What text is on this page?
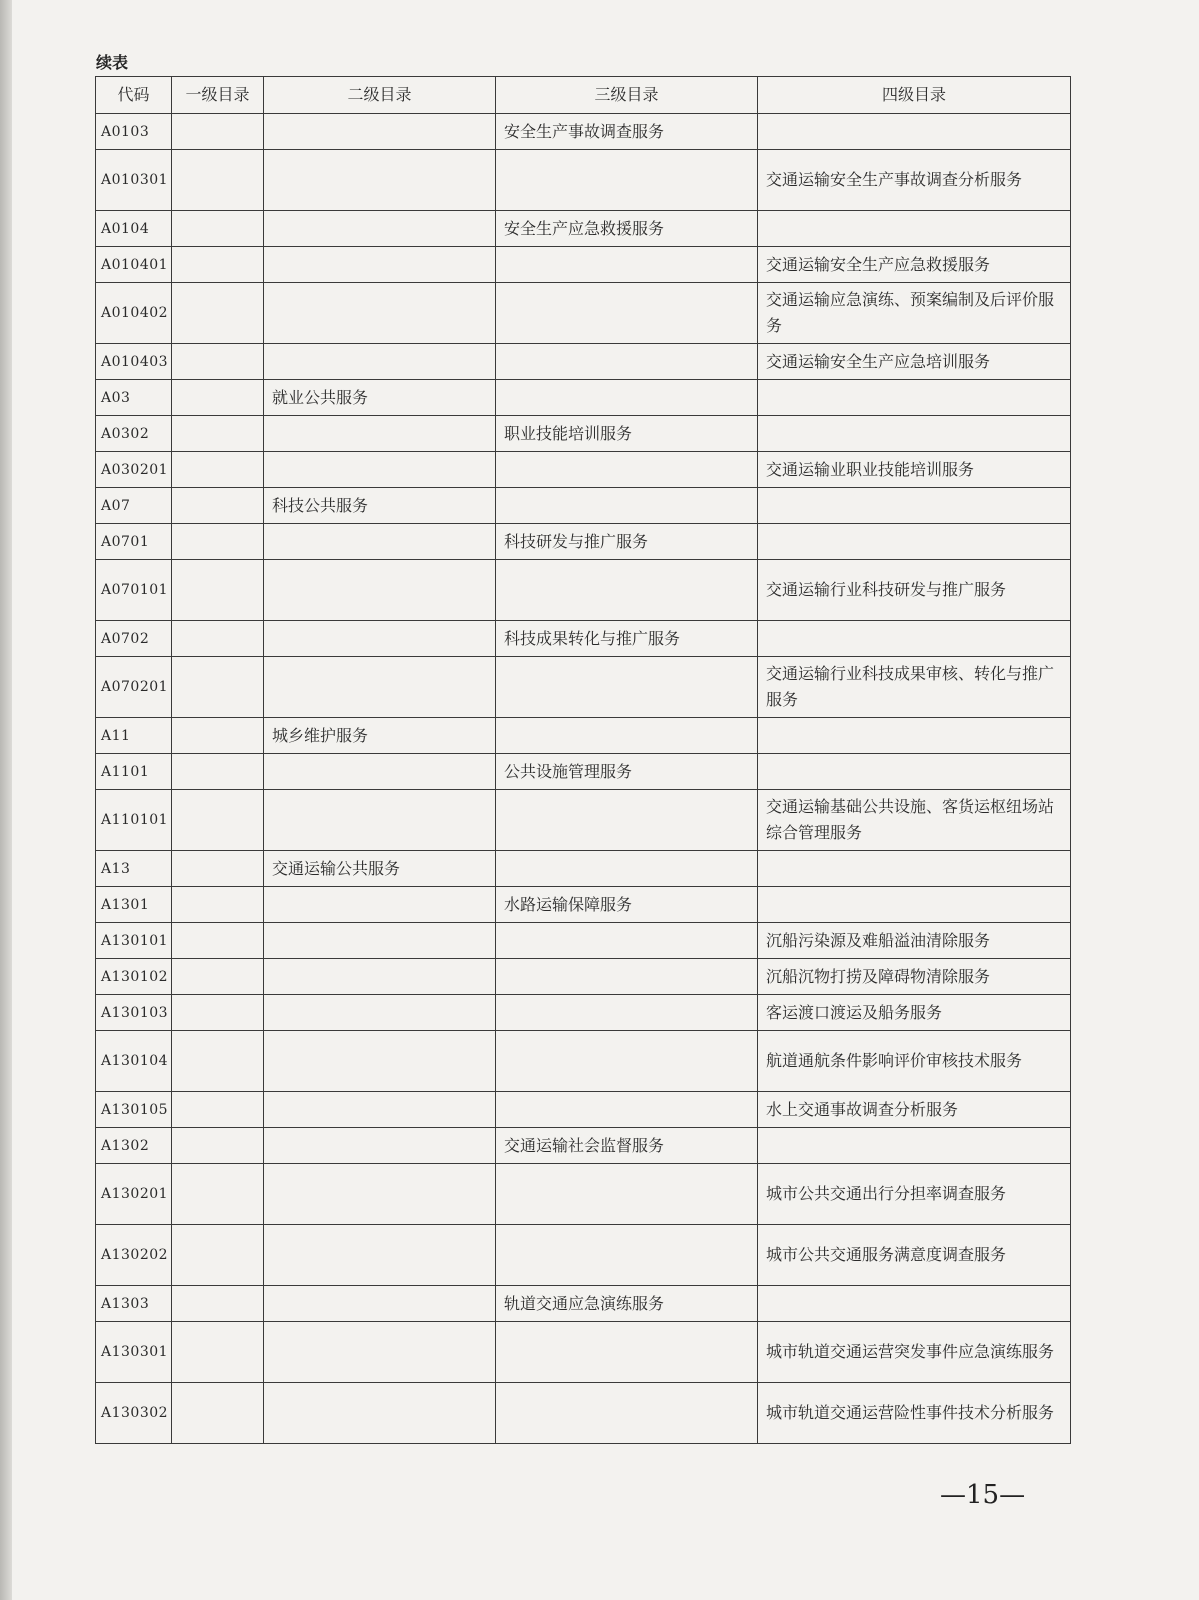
续表
代码	一级目录	二级目录	三级目录	四级目录
A0103			安全生产事故调查服务	
A010301				交通运输安全生产事故调查分析服务
A0104			安全生产应急救援服务	
A010401				交通运输安全生产应急救援服务
A010402				交通运输应急演练、预案编制及后评价服务
A010403				交通运输安全生产应急培训服务
A03		就业公共服务		
A0302			职业技能培训服务	
A030201				交通运输业职业技能培训服务
A07		科技公共服务		
A0701			科技研发与推广服务	
A070101				交通运输行业科技研发与推广服务
A0702			科技成果转化与推广服务	
A070201				交通运输行业科技成果审核、转化与推广服务
A11		城乡维护服务		
A1101			公共设施管理服务	
A110101				交通运输基础公共设施、客货运枢纽场站综合管理服务
A13		交通运输公共服务		
A1301			水路运输保障服务	
A130101				沉船污染源及难船溢油清除服务
A130102				沉船沉物打捞及障碍物清除服务
A130103				客运渡口渡运及船务服务
A130104				航道通航条件影响评价审核技术服务
A130105				水上交通事故调查分析服务
A1302			交通运输社会监督服务	
A130201				城市公共交通出行分担率调查服务
A130202				城市公共交通服务满意度调查服务
A1303			轨道交通应急演练服务	
A130301				城市轨道交通运营突发事件应急演练服务
A130302				城市轨道交通运营险性事件技术分析服务
—15—
